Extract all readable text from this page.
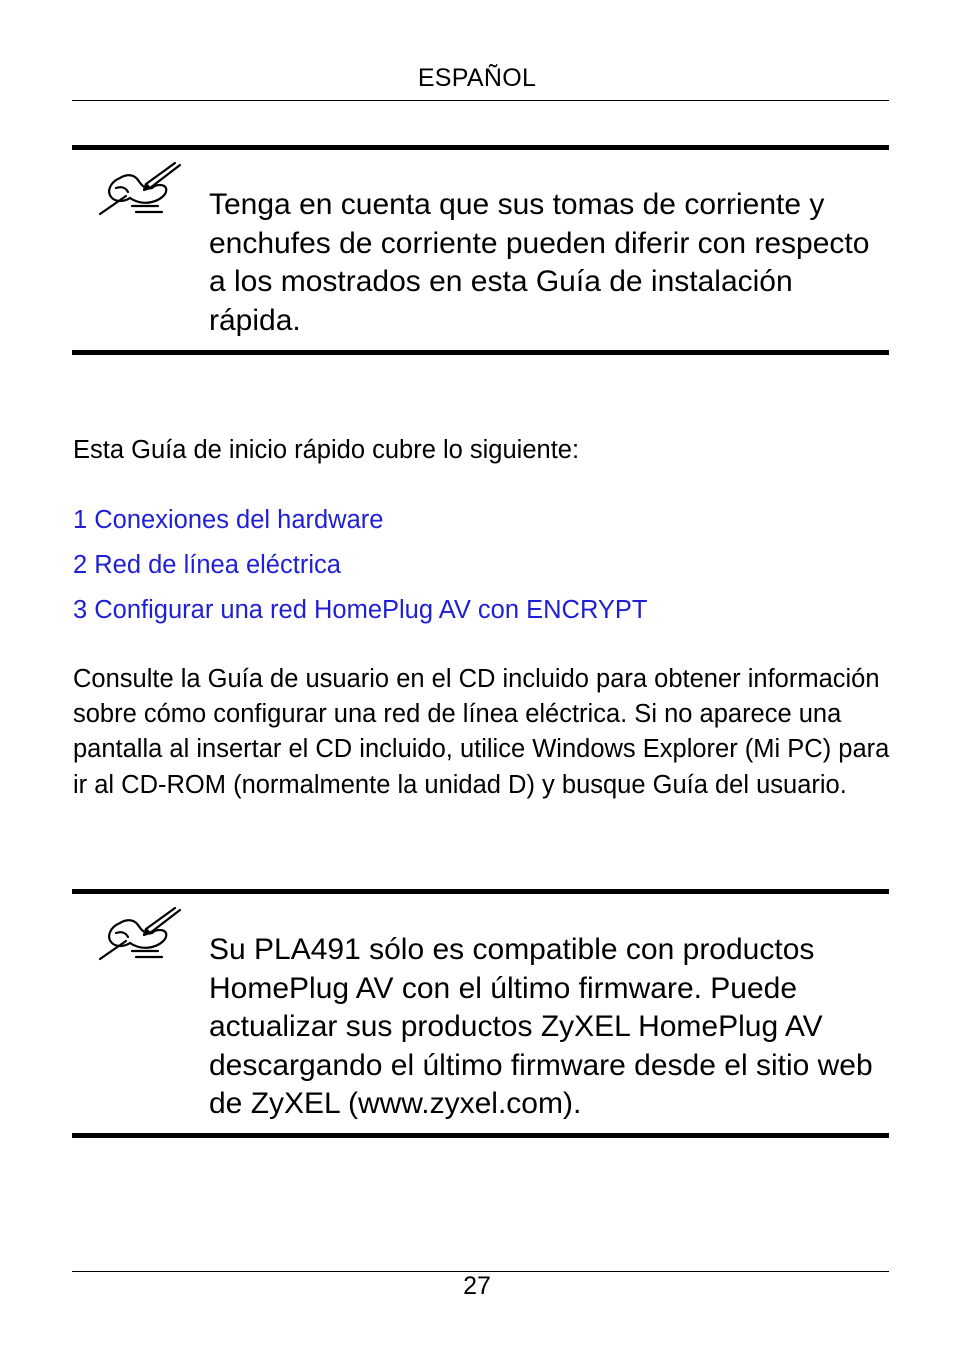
ESPAÑOL
Tenga en cuenta que sus tomas de corriente y enchufes de corriente pueden diferir con respecto a los mostrados en esta Guía de instalación rápida.
Esta Guía de inicio rápido cubre lo siguiente:
1 Conexiones del hardware
2 Red de línea eléctrica
3 Configurar una red HomePlug AV con ENCRYPT
Consulte la Guía de usuario en el CD incluido para obtener información sobre cómo configurar una red de línea eléctrica. Si no aparece una pantalla al insertar el CD incluido, utilice Windows Explorer (Mi PC) para ir al CD-ROM (normalmente la unidad D) y busque Guía del usuario.
Su PLA491 sólo es compatible con productos HomePlug AV con el último firmware. Puede actualizar sus productos ZyXEL HomePlug AV descargando el último firmware desde el sitio web de ZyXEL (www.zyxel.com).
27
